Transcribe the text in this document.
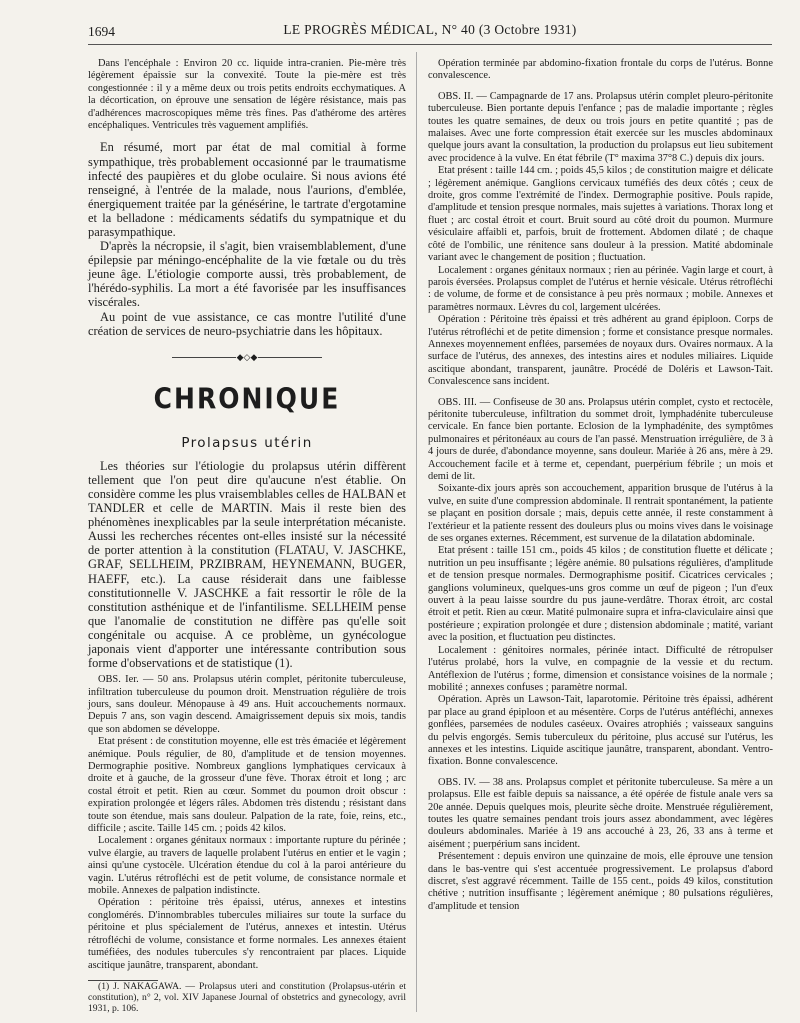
1694	LE PROGRÈS MÉDICAL, N° 40 (3 Octobre 1931)

Dans l'encéphale : Environ 20 cc. liquide intra-cranien. Pie-mère très légèrement épaissie sur la convexité. Toute la pie-mère est très congestionnée : il y a même deux ou trois petits endroits ecchymatiques. A la décortication, on éprouve une sensation de légère résistance, mais pas d'adhérences macroscopiques même très fines. Pas d'athérome des artères encéphaliques. Ventricules très vaguement amplifiés.

En résumé, mort par état de mal comitial à forme sympathique, très probablement occasionné par le traumatisme infecté des paupières et du globe oculaire. Si nous avions été renseigné, à l'entrée de la malade, nous l'aurions, d'emblée, énergiquement traitée par la génésérine, le tartrate d'ergotamine et la belladone : médicaments sédatifs du sympatnique et du parasympathique.

D'après la nécropsie, il s'agit, bien vraisemblablement, d'une épilepsie par méningo-encéphalite de la vie fœtale ou du très jeune âge. L'étiologie comporte aussi, très probablement, de l'hérédo-syphilis. La mort a été favorisée par les insuffisances viscérales.

Au point de vue assistance, ce cas montre l'utilité d'une création de services de neuro-psychiatrie dans les hôpitaux.

◆◇◆
CHRONIQUE
Prolapsus utérin

Les théories sur l'étiologie du prolapsus utérin diffèrent tellement que l'on peut dire qu'aucune n'est établie. On considère comme les plus vraisemblables celles de HALBAN et TANDLER et celle de MARTIN. Mais il reste bien des phénomènes inexplicables par la seule interprétation mécaniste. Aussi les recherches récentes ont-elles insisté sur la nécessité de porter attention à la constitution (FLATAU, V. JASCHKE, GRAF, SELLHEIM, PRZIBRAM, HEYNEMANN, BUGER, HAEFF, etc.). La cause résiderait dans une faiblesse constitutionnelle V. JASCHKE a fait ressortir le rôle de la constitution asthénique et de l'infantilisme. SELLHEIM pense que l'anomalie de constitution ne diffère pas qu'elle soit congénitale ou acquise. A ce problème, un gynécologue japonais vient d'apporter une intéressante contribution sous forme d'observations et de statistique (1).

OBS. Ier. — 50 ans. Prolapsus utérin complet, péritonite tuberculeuse, infiltration tuberculeuse du poumon droit. Menstruation régulière de trois jours, sans douleur. Ménopause à 49 ans. Huit accouchements normaux. Depuis 7 ans, son vagin descend. Amaigrissement depuis six mois, tandis que son abdomen se développe.

Etat présent : de constitution moyenne, elle est très émaciée et légèrement anémique. Pouls régulier, de 80, d'amplitude et de tension moyennes. Dermographie positive. Nombreux ganglions lymphatiques cervicaux à droite et à gauche, de la grosseur d'une fève. Thorax étroit et long ; arc costal étroit et petit. Rien au cœur. Sommet du poumon droit obscur : expiration prolongée et légers râles. Abdomen très distendu ; résistant dans toute son étendue, mais sans douleur. Palpation de la rate, foie, reins, etc., difficile ; ascite. Taille 145 cm. ; poids 42 kilos.

Localement : organes génitaux normaux : importante rupture du périnée ; vulve élargie, au travers de laquelle prolabent l'utérus en entier et le vagin ; ainsi qu'une cystocèle. Ulcération étendue du col à la paroi antérieure du vagin. L'utérus rétrofléchi est de petit volume, de consistance normale et mobile. Annexes de palpation indistincte.

Opération : péritoine très épaissi, utérus, annexes et intestins conglomérés. D'innombrables tubercules miliaires sur toute la surface du péritoine et plus spécialement de l'utérus, annexes et intestin. Utérus rétrofléchi de volume, consistance et forme normales. Les annexes étaient tuméfiées, des nodules tubercules s'y rencontraient par places. Liquide ascitique jaunâtre, transparent, abondant.

(1) J. NAKAGAWA. — Prolapsus uteri and constitution (Prolapsus-utérin et constitution), n° 2, vol. XIV Japanese Journal of obstetrics and gynecology, avril 1931, p. 106.

Opération terminée par abdomino-fixation frontale du corps de l'utérus. Bonne convalescence.

OBS. II. — Campagnarde de 17 ans. Prolapsus utérin complet pleuro-péritonite tuberculeuse. Bien portante depuis l'enfance ; pas de maladie importante ; règles toutes les quatre semaines, de deux ou trois jours en petite quantité ; pas de malaises. Avec une forte compression était exercée sur les muscles abdominaux quelque jours avant la consultation, la production du prolapsus eut lieu subitement avec procidence à la vulve. En état fébrile (T° maxima 37°8 C.) depuis dix jours.

Etat présent : taille 144 cm. ; poids 45,5 kilos ; de constitution maigre et délicate ; légèrement anémique. Ganglions cervicaux tuméfiés des deux côtés ; ceux de droite, gros comme l'extrémité de l'index. Dermographie positive. Pouls rapide, d'amplitude et tension presque normales, mais sujettes à variations. Thorax long et fluet ; arc costal étroit et court. Bruit sourd au côté droit du poumon. Murmure vésiculaire affaibli et, parfois, bruit de frottement. Abdomen dilaté ; de chaque côté de l'ombilic, une rénitence sans douleur à la pression. Matité abdominale variant avec le changement de position ; fluctuation.

Localement : organes génitaux normaux ; rien au périnée. Vagin large et court, à parois éversées. Prolapsus complet de l'utérus et hernie vésicale. Utérus rétrofléchi : de volume, de forme et de consistance à peu près normaux ; mobile. Annexes et paramètres normaux. Lèvres du col, largement ulcérées.

Opération : Péritoine très épaissi et très adhérent au grand épiploon. Corps de l'utérus rétrofléchi et de petite dimension ; forme et consistance presque normales. Annexes moyennement enflées, parsemées de noyaux durs. Ovaires normaux. A la surface de l'utérus, des annexes, des intestins aires et nodules miliaires. Liquide ascitique abondant, transparent, jaunâtre. Procédé de Doléris et Lawson-Tait. Convalescence sans incident.

OBS. III. — Confiseuse de 30 ans. Prolapsus utérin complet, cysto et rectocèle, péritonite tuberculeuse, infiltration du sommet droit, lymphadénite tuberculeuse cervicale. En fance bien portante. Eclosion de la lymphadénite, des symptômes pulmonaires et péritonéaux au cours de l'an passé. Menstruation irrégulière, de 3 à 4 jours de durée, d'abondance moyenne, sans douleur. Mariée à 26 ans, mère à 29. Accouchement facile et à terme et, cependant, puerpérium fébrile ; un mois et demi de lit.

Soixante-dix jours après son accouchement, apparition brusque de l'utérus à la vulve, en suite d'une compression abdominale. Il rentrait spontanément, la patiente se plaçant en position dorsale ; mais, depuis cette année, il reste constamment à l'extérieur et la patiente ressent des douleurs plus ou moins vives dans le voisinage de ses organes externes. Récemment, est survenue de la dilatation abdominale.

Etat présent : taille 151 cm., poids 45 kilos ; de constitution fluette et délicate ; nutrition un peu insuffisante ; légère anémie. 80 pulsations régulières, d'amplitude et de tension presque normales. Dermographisme positif. Cicatrices cervicales ; ganglions volumineux, quelques-uns gros comme un œuf de pigeon ; l'un d'eux ouvert à la peau laisse sourdre du pus jaune-verdâtre. Thorax étroit, arc costal étroit et petit. Rien au cœur. Matité pulmonaire supra et infra-claviculaire ainsi que postérieure ; expiration prolongée et dure ; distension abdominale ; matité, variant avec la position, et fluctuation peu distinctes.

Localement : génitoires normales, périnée intact. Difficulté de rétropulser l'utérus prolabé, hors la vulve, en compagnie de la vessie et du rectum. Antéflexion de l'utérus ; forme, dimension et consistance voisines de la normale ; mobilité ; annexes confuses ; paramètre normal.

Opération. Après un Lawson-Tait, laparotomie. Péritoine très épaissi, adhérent par place au grand épiploon et au mésentère. Corps de l'utérus antéfléchi, annexes gonflées, parsemées de nodules caséeux. Ovaires atrophiés ; vaisseaux sanguins du pelvis engorgés. Semis tuberculeux du péritoine, plus accusé sur l'utérus, les annexes et les intestins. Liquide ascitique jaunâtre, transparent, abondant. Ventro-fixation. Bonne convalescence.

OBS. IV. — 38 ans. Prolapsus complet et péritonite tuberculeuse. Sa mère a un prolapsus. Elle est faible depuis sa naissance, a été opérée de fistule anale vers sa 20e année. Depuis quelques mois, pleurite sèche droite. Menstruée régulièrement, toutes les quatre semaines pendant trois jours assez abondamment, avec légères douleurs abdominales. Mariée à 19 ans accouché à 23, 26, 33 ans à terme et aisément ; puerpérium sans incident.

Présentement : depuis environ une quinzaine de mois, elle éprouve une tension dans le bas-ventre qui s'est accentuée progressivement. Le prolapsus d'abord discret, s'est aggravé récemment. Taille de 155 cent., poids 49 kilos, constitution chétive ; nutrition insuffisante ; légèrement anémique ; 80 pulsations régulières, d'amplitude et tension
